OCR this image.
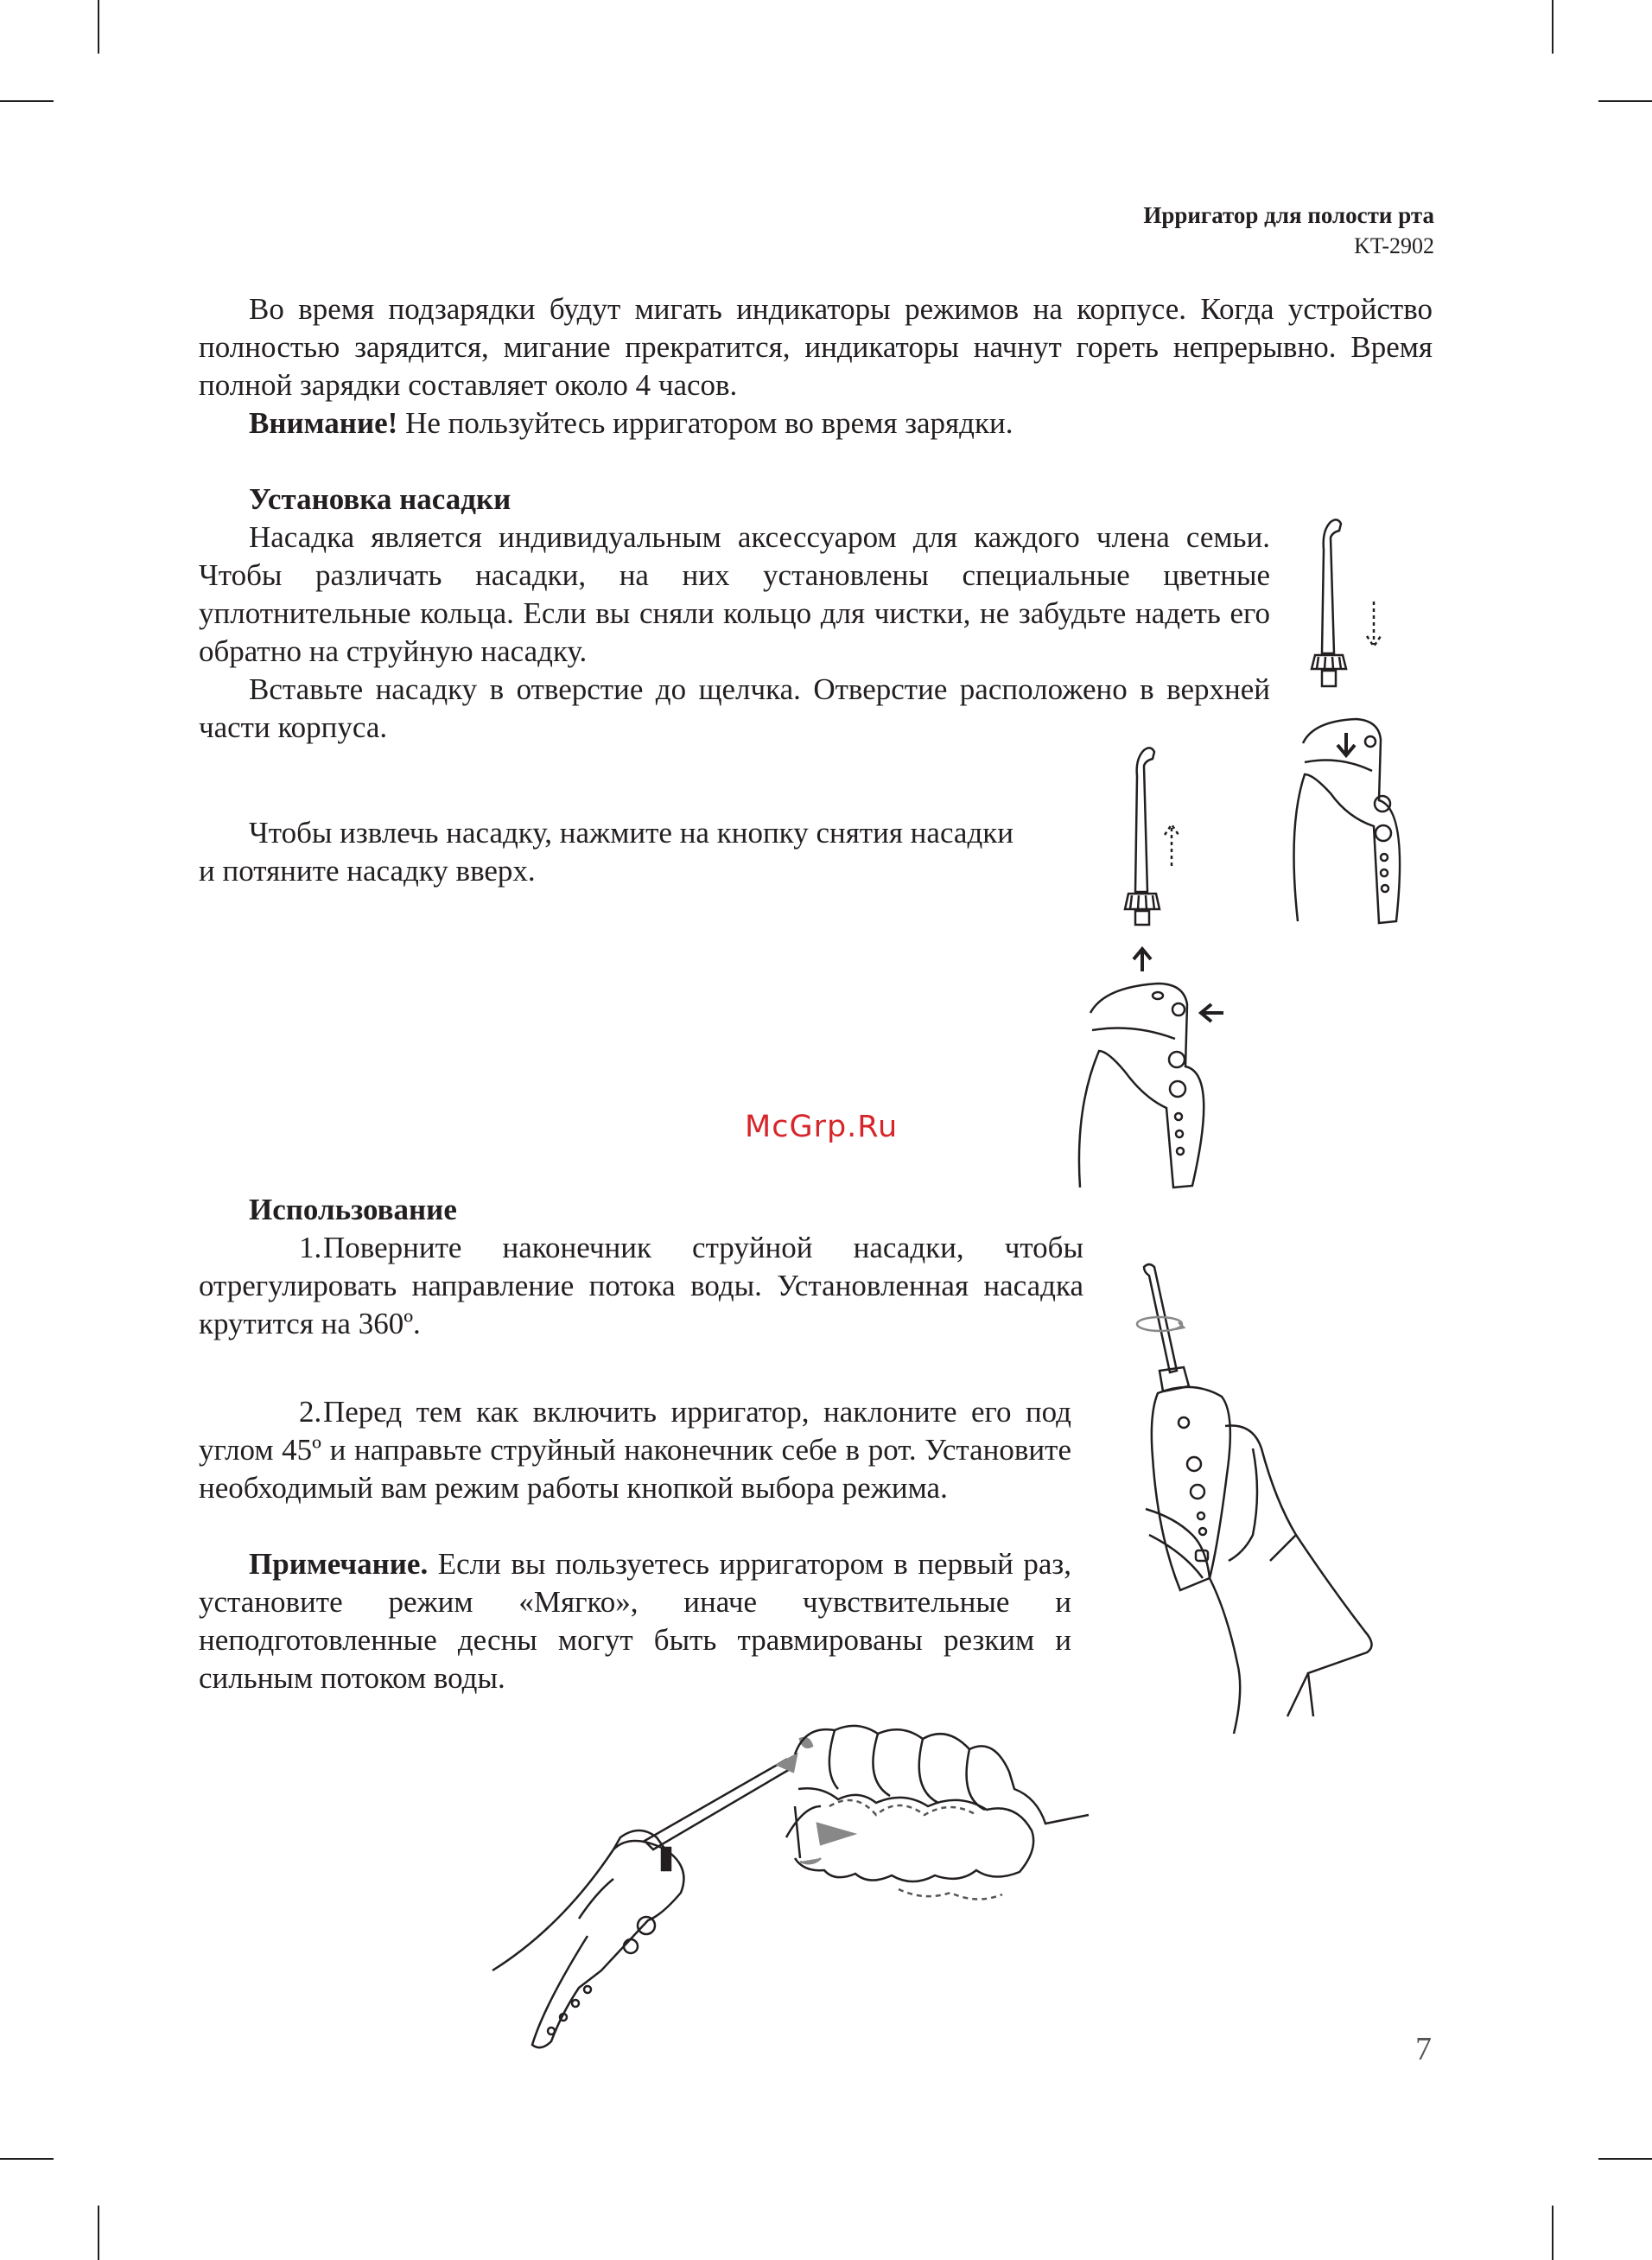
Ирригатор для полости рта
KT-2902

Во время подзарядки будут мигать индикаторы режимов на корпусе. Когда устройство полностью зарядится, мигание прекратится, индикаторы начнут гореть непрерывно. Время полной зарядки составляет около 4 часов.

Внимание! Не пользуйтесь ирригатором во время зарядки.

Установка насадки

Насадка является индивидуальным аксессуаром для каждого члена семьи. Чтобы различать насадки, на них установлены специальные цветные уплотнительные кольца. Если вы сняли кольцо для чистки, не забудьте надеть его обратно на струйную насадку.

Вставьте насадку в отверстие до щелчка. Отверстие расположено в верхней части корпуса.

Чтобы извлечь насадку, нажмите на кнопку снятия насадки и потяните насадку вверх.

McGrp.Ru

Использование

1.Поверните наконечник струйной насадки, чтобы отрегулировать направление потока воды. Установленная насадка крутится на 360º.

2.Перед тем как включить ирригатор, наклоните его под углом 45º и направьте струйный наконечник себе в рот. Установите необходимый вам режим работы кнопкой выбора режима.

Примечание. Если вы пользуетесь ирригатором в первый раз, установите режим «Мягко», иначе чувствительные и неподготовленные десны могут быть травмированы резким и сильным потоком воды.

7
